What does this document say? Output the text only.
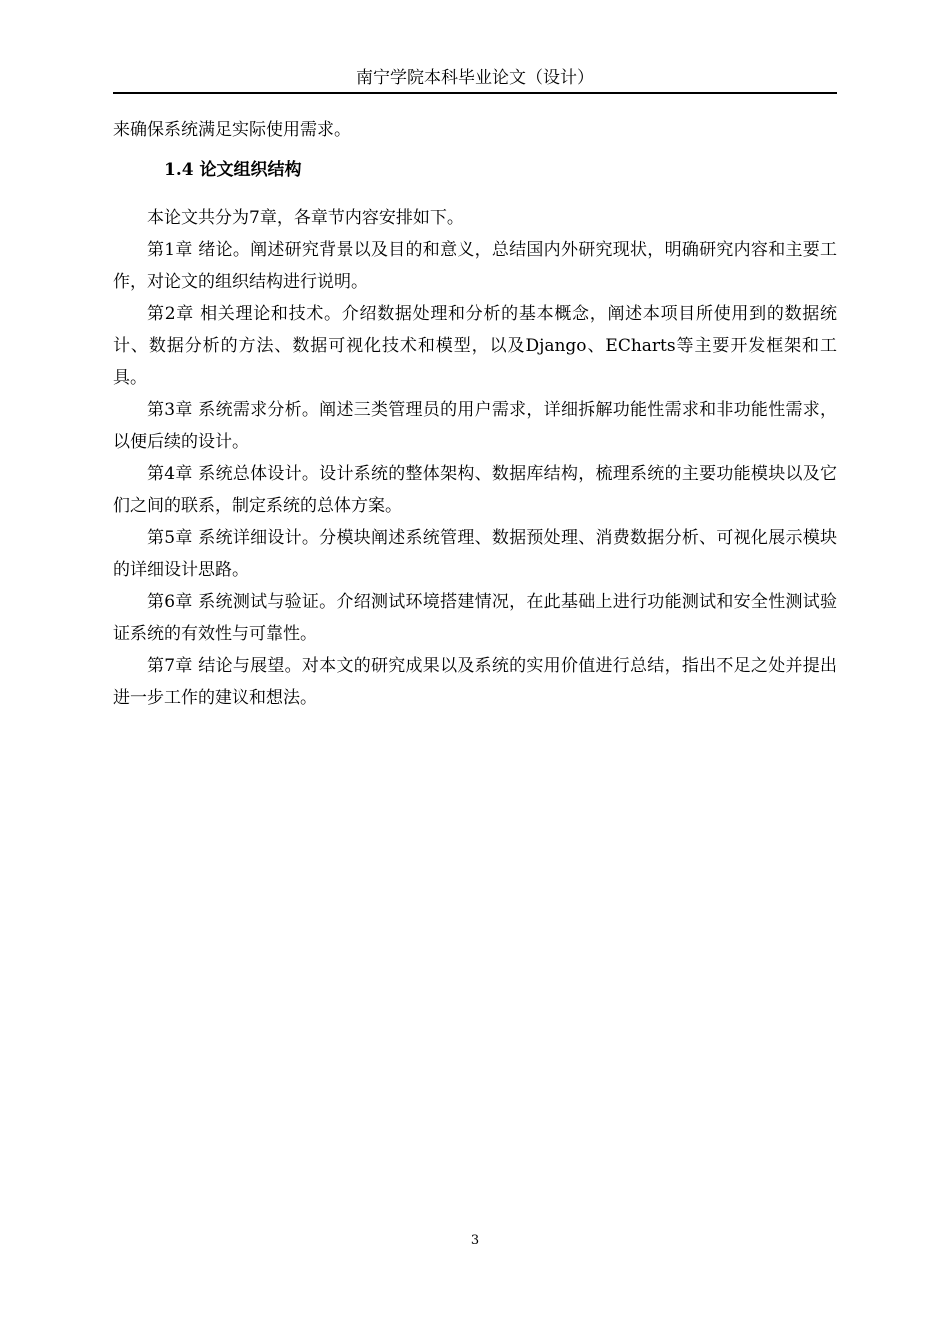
南宁学院本科毕业论文（设计）

来确保系统满足实际使用需求。

1.4 论文组织结构

本论文共分为7章，各章节内容安排如下。

第1章 绪论。阐述研究背景以及目的和意义，总结国内外研究现状，明确研究内容和主要工作，对论文的组织结构进行说明。

第2章 相关理论和技术。介绍数据处理和分析的基本概念，阐述本项目所使用到的数据统计、数据分析的方法、数据可视化技术和模型，以及Django、ECharts等主要开发框架和工具。

第3章 系统需求分析。阐述三类管理员的用户需求，详细拆解功能性需求和非功能性需求，以便后续的设计。

第4章 系统总体设计。设计系统的整体架构、数据库结构，梳理系统的主要功能模块以及它们之间的联系，制定系统的总体方案。

第5章 系统详细设计。分模块阐述系统管理、数据预处理、消费数据分析、可视化展示模块的详细设计思路。

第6章 系统测试与验证。介绍测试环境搭建情况，在此基础上进行功能测试和安全性测试验证系统的有效性与可靠性。

第7章 结论与展望。对本文的研究成果以及系统的实用价值进行总结，指出不足之处并提出进一步工作的建议和想法。

3
